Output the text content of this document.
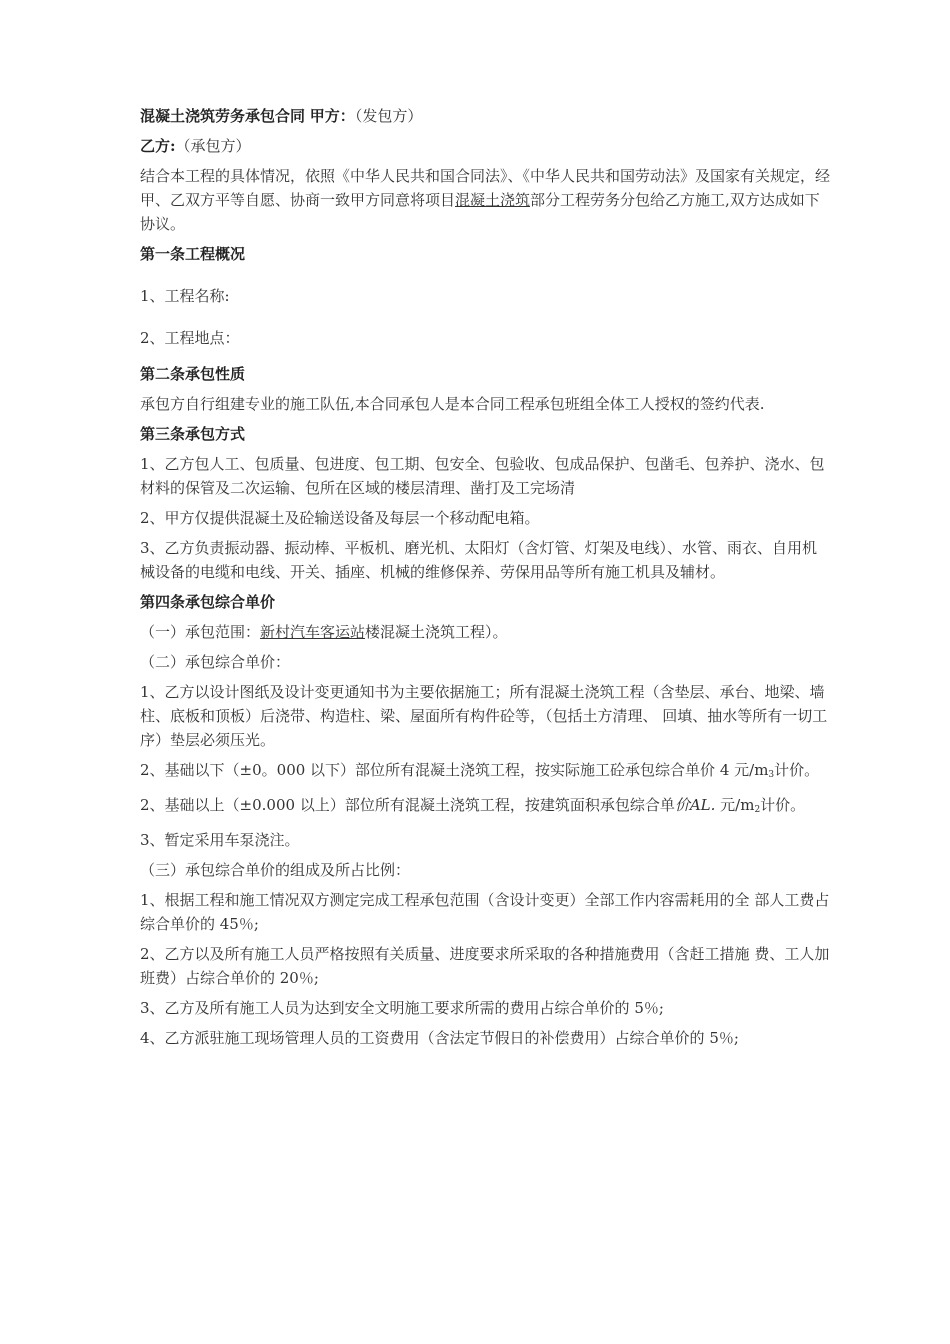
混凝土浇筑劳务承包合同 甲方：（发包方）

乙方:（承包方）

结合本工程的具体情况，依照《中华人民共和国合同法》、《中华人民共和国劳动法》及国家有关规定，经甲、乙双方平等自愿、协商一致甲方同意将项目混凝土浇筑部分工程劳务分包给乙方施工,双方达成如下协议。

第一条工程概况

1、工程名称:

2、工程地点：

第二条承包性质

承包方自行组建专业的施工队伍,本合同承包人是本合同工程承包班组全体工人授权的签约代表.

第三条承包方式

1、乙方包人工、包质量、包进度、包工期、包安全、包验收、包成品保护、包凿毛、包养护、浇水、包材料的保管及二次运输、包所在区域的楼层清理、凿打及工完场清

2、甲方仅提供混凝土及砼输送设备及每层一个移动配电箱。

3、乙方负责振动器、振动棒、平板机、磨光机、太阳灯（含灯管、灯架及电线）、水管、雨衣、自用机械设备的电缆和电线、开关、插座、机械的维修保养、劳保用品等所有施工机具及辅材。

第四条承包综合单价

（一）承包范围：新村汽车客运站楼混凝土浇筑工程）。

（二）承包综合单价：

1、乙方以设计图纸及设计变更通知书为主要依据施工；所有混凝土浇筑工程（含垫层、承台、地梁、墙柱、底板和顶板）后浇带、构造柱、梁、屋面所有构件砼等，（包括土方清理、 回填、抽水等所有一切工序）垫层必须压光。

2、基础以下（±0。000 以下）部位所有混凝土浇筑工程，按实际施工砼承包综合单价 4 元$/m_3$计价。

2、基础以上（±0.000 以上）部位所有混凝土浇筑工程，按建筑面积承包综合单价AL. 元$/m_2$计价。

3、暂定采用车泵浇注。

（三）承包综合单价的组成及所占比例：

1、根据工程和施工情况双方测定完成工程承包范围（含设计变更）全部工作内容需耗用的全 部人工费占综合单价的 45％;

2、乙方以及所有施工人员严格按照有关质量、进度要求所采取的各种措施费用（含赶工措施 费、工人加班费）占综合单价的 20％;

3、乙方及所有施工人员为达到安全文明施工要求所需的费用占综合单价的 5％;

4、乙方派驻施工现场管理人员的工资费用（含法定节假日的补偿费用）占综合单价的 5％;
